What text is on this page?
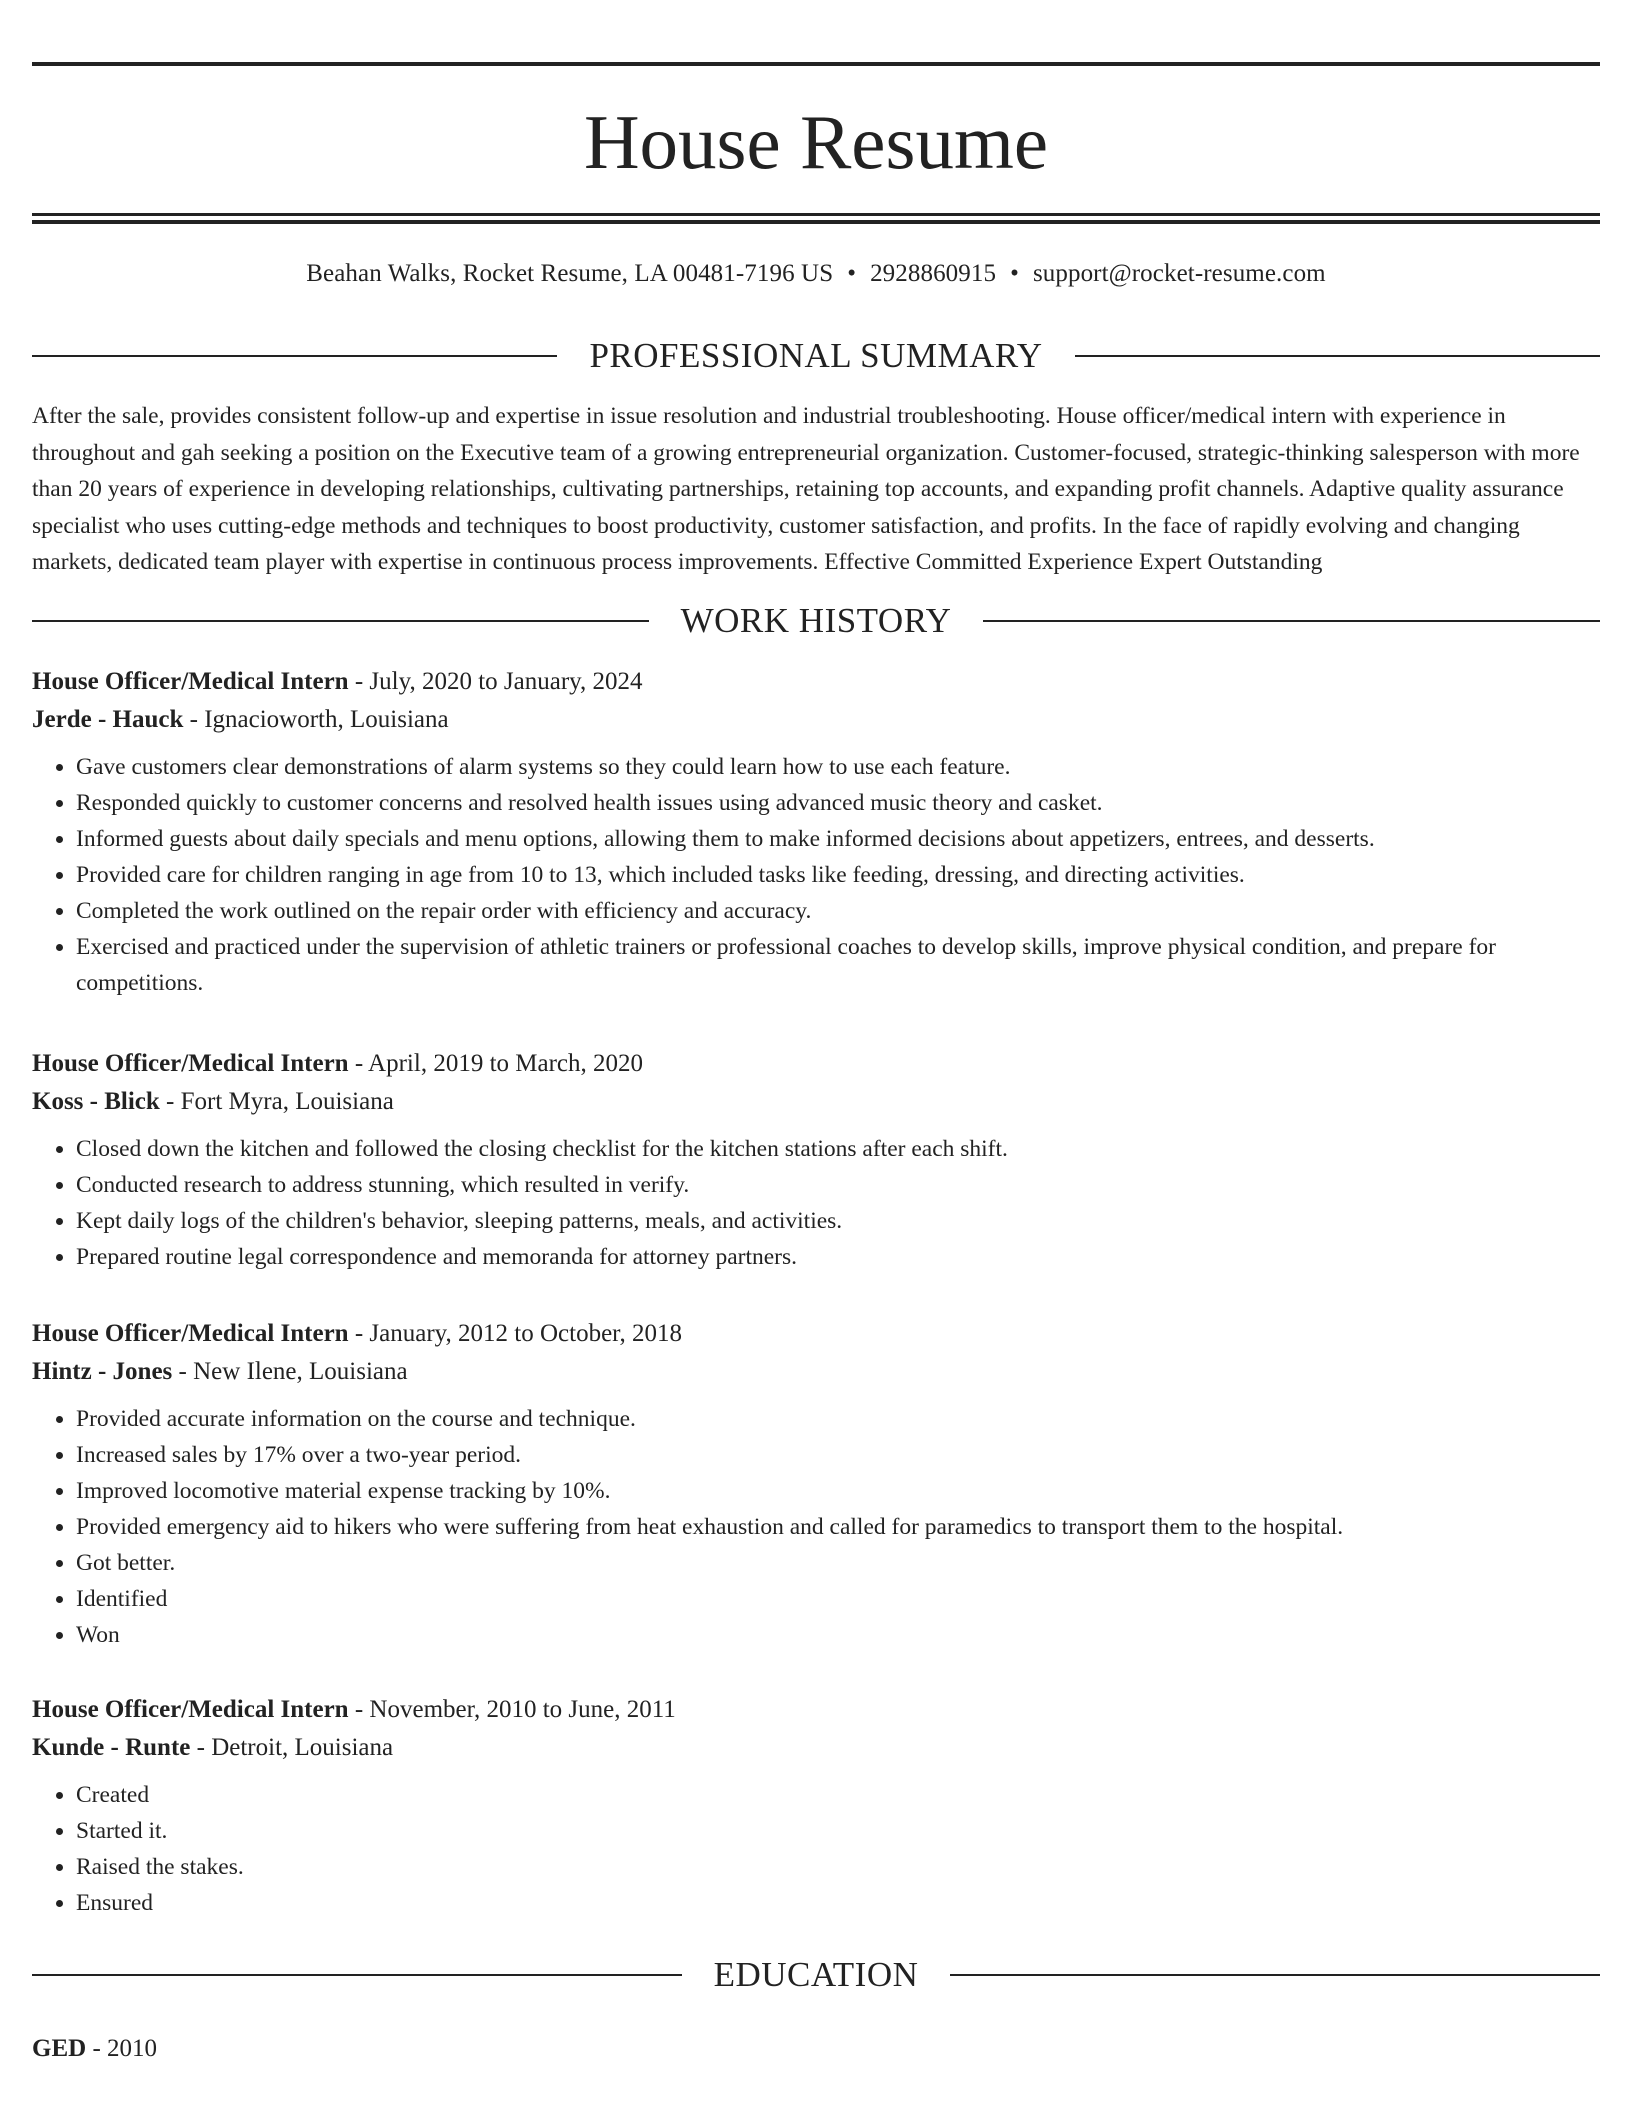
House Resume
Beahan Walks, Rocket Resume, LA 00481-7196 US • 2928860915 • support@rocket-resume.com
PROFESSIONAL SUMMARY
After the sale, provides consistent follow-up and expertise in issue resolution and industrial troubleshooting. House officer/medical intern with experience in throughout and gah seeking a position on the Executive team of a growing entrepreneurial organization. Customer-focused, strategic-thinking salesperson with more than 20 years of experience in developing relationships, cultivating partnerships, retaining top accounts, and expanding profit channels. Adaptive quality assurance specialist who uses cutting-edge methods and techniques to boost productivity, customer satisfaction, and profits. In the face of rapidly evolving and changing markets, dedicated team player with expertise in continuous process improvements. Effective Committed Experience Expert Outstanding
WORK HISTORY
House Officer/Medical Intern - July, 2020 to January, 2024
Jerde - Hauck - Ignacioworth, Louisiana
• Gave customers clear demonstrations of alarm systems so they could learn how to use each feature.
• Responded quickly to customer concerns and resolved health issues using advanced music theory and casket.
• Informed guests about daily specials and menu options, allowing them to make informed decisions about appetizers, entrees, and desserts.
• Provided care for children ranging in age from 10 to 13, which included tasks like feeding, dressing, and directing activities.
• Completed the work outlined on the repair order with efficiency and accuracy.
• Exercised and practiced under the supervision of athletic trainers or professional coaches to develop skills, improve physical condition, and prepare for competitions.
House Officer/Medical Intern - April, 2019 to March, 2020
Koss - Blick - Fort Myra, Louisiana
• Closed down the kitchen and followed the closing checklist for the kitchen stations after each shift.
• Conducted research to address stunning, which resulted in verify.
• Kept daily logs of the children's behavior, sleeping patterns, meals, and activities.
• Prepared routine legal correspondence and memoranda for attorney partners.
House Officer/Medical Intern - January, 2012 to October, 2018
Hintz - Jones - New Ilene, Louisiana
• Provided accurate information on the course and technique.
• Increased sales by 17% over a two-year period.
• Improved locomotive material expense tracking by 10%.
• Provided emergency aid to hikers who were suffering from heat exhaustion and called for paramedics to transport them to the hospital.
• Got better.
• Identified
• Won
House Officer/Medical Intern - November, 2010 to June, 2011
Kunde - Runte - Detroit, Louisiana
• Created
• Started it.
• Raised the stakes.
• Ensured
EDUCATION
GED - 2010
